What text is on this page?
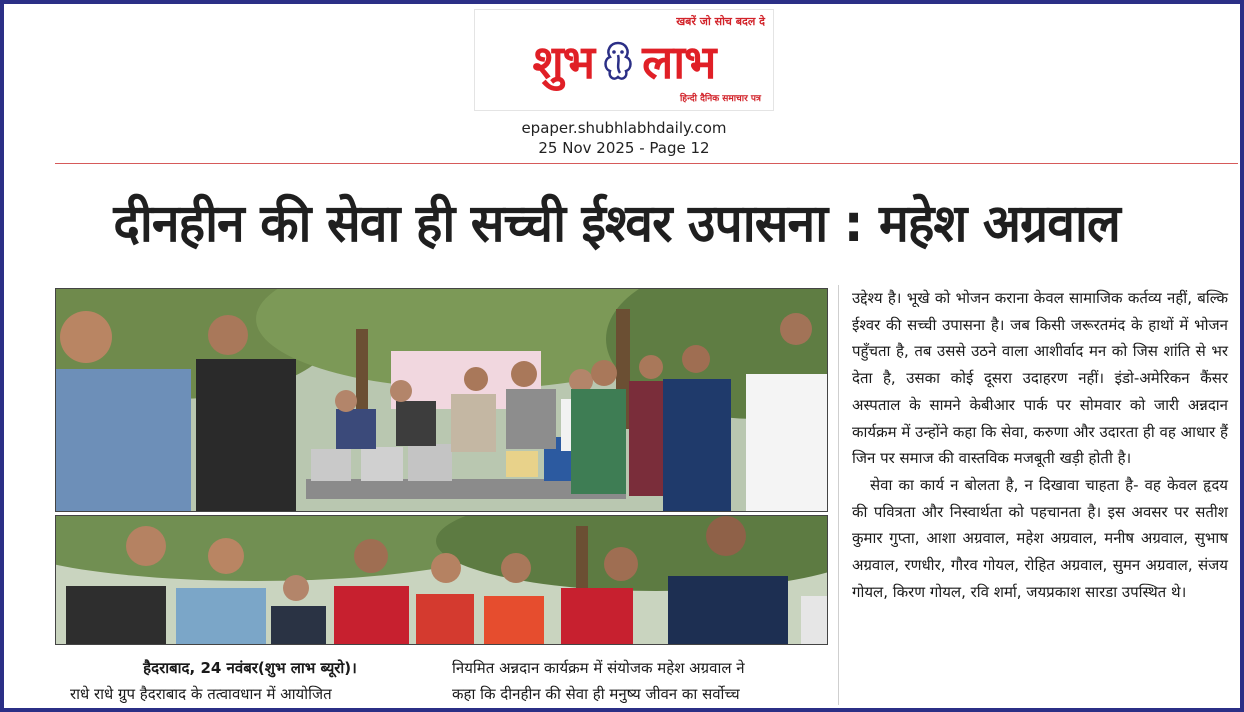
खबरें जो सोच बदल दे
शुभ लाभ
हिन्दी दैनिक समाचार पत्र
epaper.shubhlabhdaily.com
25 Nov 2025 - Page 12
दीनहीन की सेवा ही सच्ची ईश्वर उपासना : महेश अग्रवाल
हैदराबाद, 24 नवंबर(शुभ लाभ ब्यूरो)।
राधे राधे ग्रुप हैदराबाद के तत्वावधान में आयोजित
नियमित अन्नदान कार्यक्रम में संयोजक महेश अग्रवाल ने
कहा कि दीनहीन की सेवा ही मनुष्य जीवन का सर्वोच्च

उद्देश्य है। भूखे को भोजन कराना केवल सामाजिक कर्तव्य नहीं, बल्कि ईश्वर की सच्ची उपासना है। जब किसी जरूरतमंद के हाथों में भोजन पहुँचता है, तब उससे उठने वाला आशीर्वाद मन को जिस शांति से भर देता है, उसका कोई दूसरा उदाहरण नहीं। इंडो-अमेरिकन कैंसर अस्पताल के सामने केबीआर पार्क पर सोमवार को जारी अन्नदान कार्यक्रम में उन्होंने कहा कि सेवा, करुणा और उदारता ही वह आधार हैं जिन पर समाज की वास्तविक मजबूती खड़ी होती है।

सेवा का कार्य न बोलता है, न दिखावा चाहता है- वह केवल हृदय की पवित्रता और निस्वार्थता को पहचानता है। इस अवसर पर सतीश कुमार गुप्ता, आशा अग्रवाल, महेश अग्रवाल, मनीष अग्रवाल, सुभाष अग्रवाल, रणधीर, गौरव गोयल, रोहित अग्रवाल, सुमन अग्रवाल, संजय गोयल, किरण गोयल, रवि शर्मा, जयप्रकाश सारडा उपस्थित थे।
